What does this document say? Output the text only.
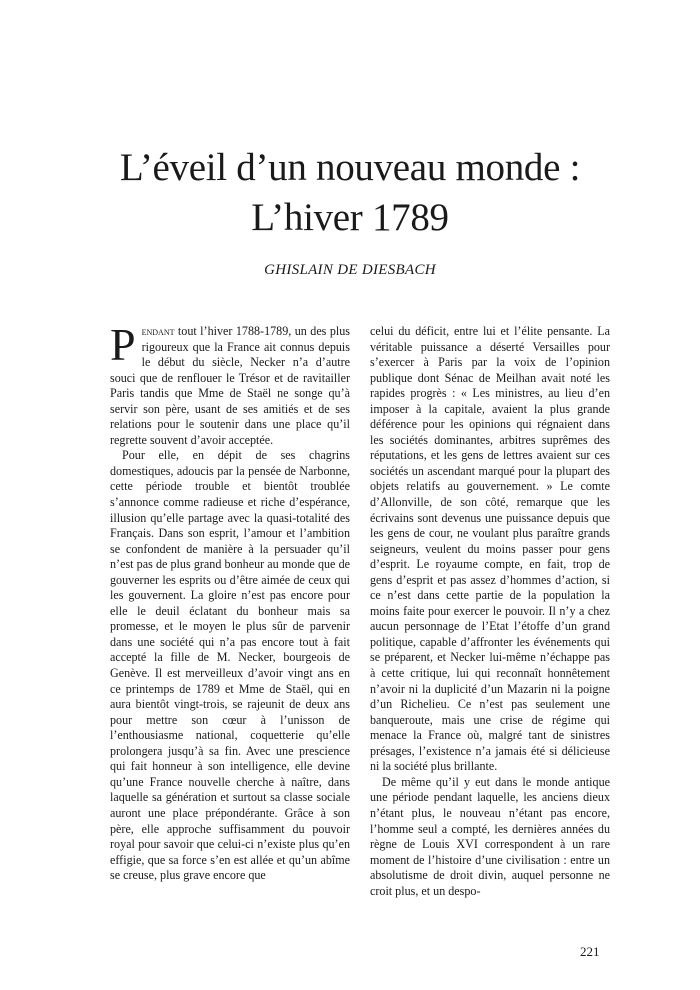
L’éveil d’un nouveau monde :
L’hiver 1789
GHISLAIN DE DIESBACH

Pendant tout l’hiver 1788-1789, un des plus rigoureux que la France ait connus depuis le début du siècle, Necker n’a d’autre souci que de renflouer le Trésor et de ravitailler Paris tandis que Mme de Staël ne songe qu’à servir son père, usant de ses amitiés et de ses relations pour le soutenir dans une place qu’il regrette souvent d’avoir acceptée.

Pour elle, en dépit de ses chagrins domestiques, adoucis par la pensée de Narbonne, cette période trouble et bientôt troublée s’annonce comme radieuse et riche d’espérance, illusion qu’elle partage avec la quasi-totalité des Français. Dans son esprit, l’amour et l’ambition se confondent de manière à la persuader qu’il n’est pas de plus grand bonheur au monde que de gouverner les esprits ou d’être aimée de ceux qui les gouvernent. La gloire n’est pas encore pour elle le deuil éclatant du bonheur mais sa promesse, et le moyen le plus sûr de parvenir dans une société qui n’a pas encore tout à fait accepté la fille de M. Necker, bourgeois de Genève. Il est merveilleux d’avoir vingt ans en ce printemps de 1789 et Mme de Staël, qui en aura bientôt vingt-trois, se rajeunit de deux ans pour mettre son cœur à l’unisson de l’enthousiasme national, coquetterie qu’elle prolongera jusqu’à sa fin. Avec une prescience qui fait honneur à son intelligence, elle devine qu’une France nouvelle cherche à naître, dans laquelle sa génération et surtout sa classe sociale auront une place prépondérante. Grâce à son père, elle approche suffisamment du pouvoir royal pour savoir que celui-ci n’existe plus qu’en effigie, que sa force s’en est allée et qu’un abîme se creuse, plus grave encore que

celui du déficit, entre lui et l’élite pensante. La véritable puissance a déserté Versailles pour s’exercer à Paris par la voix de l’opinion publique dont Sénac de Meilhan avait noté les rapides progrès : « Les ministres, au lieu d’en imposer à la capitale, avaient la plus grande déférence pour les opinions qui régnaient dans les sociétés dominantes, arbitres suprêmes des réputations, et les gens de lettres avaient sur ces sociétés un ascendant marqué pour la plupart des objets relatifs au gouvernement. » Le comte d’Allonville, de son côté, remarque que les écrivains sont devenus une puissance depuis que les gens de cour, ne voulant plus paraître grands seigneurs, veulent du moins passer pour gens d’esprit. Le royaume compte, en fait, trop de gens d’esprit et pas assez d’hommes d’action, si ce n’est dans cette partie de la population la moins faite pour exercer le pouvoir. Il n’y a chez aucun personnage de l’Etat l’étoffe d’un grand politique, capable d’affronter les événements qui se préparent, et Necker lui-même n’échappe pas à cette critique, lui qui reconnaît honnêtement n’avoir ni la duplicité d’un Mazarin ni la poigne d’un Richelieu. Ce n’est pas seulement une banqueroute, mais une crise de régime qui menace la France où, malgré tant de sinistres présages, l’existence n’a jamais été si délicieuse ni la société plus brillante.

De même qu’il y eut dans le monde antique une période pendant laquelle, les anciens dieux n’étant plus, le nouveau n’étant pas encore, l’homme seul a compté, les dernières années du règne de Louis XVI correspondent à un rare moment de l’histoire d’une civilisation : entre un absolutisme de droit divin, auquel personne ne croit plus, et un despo-

221
